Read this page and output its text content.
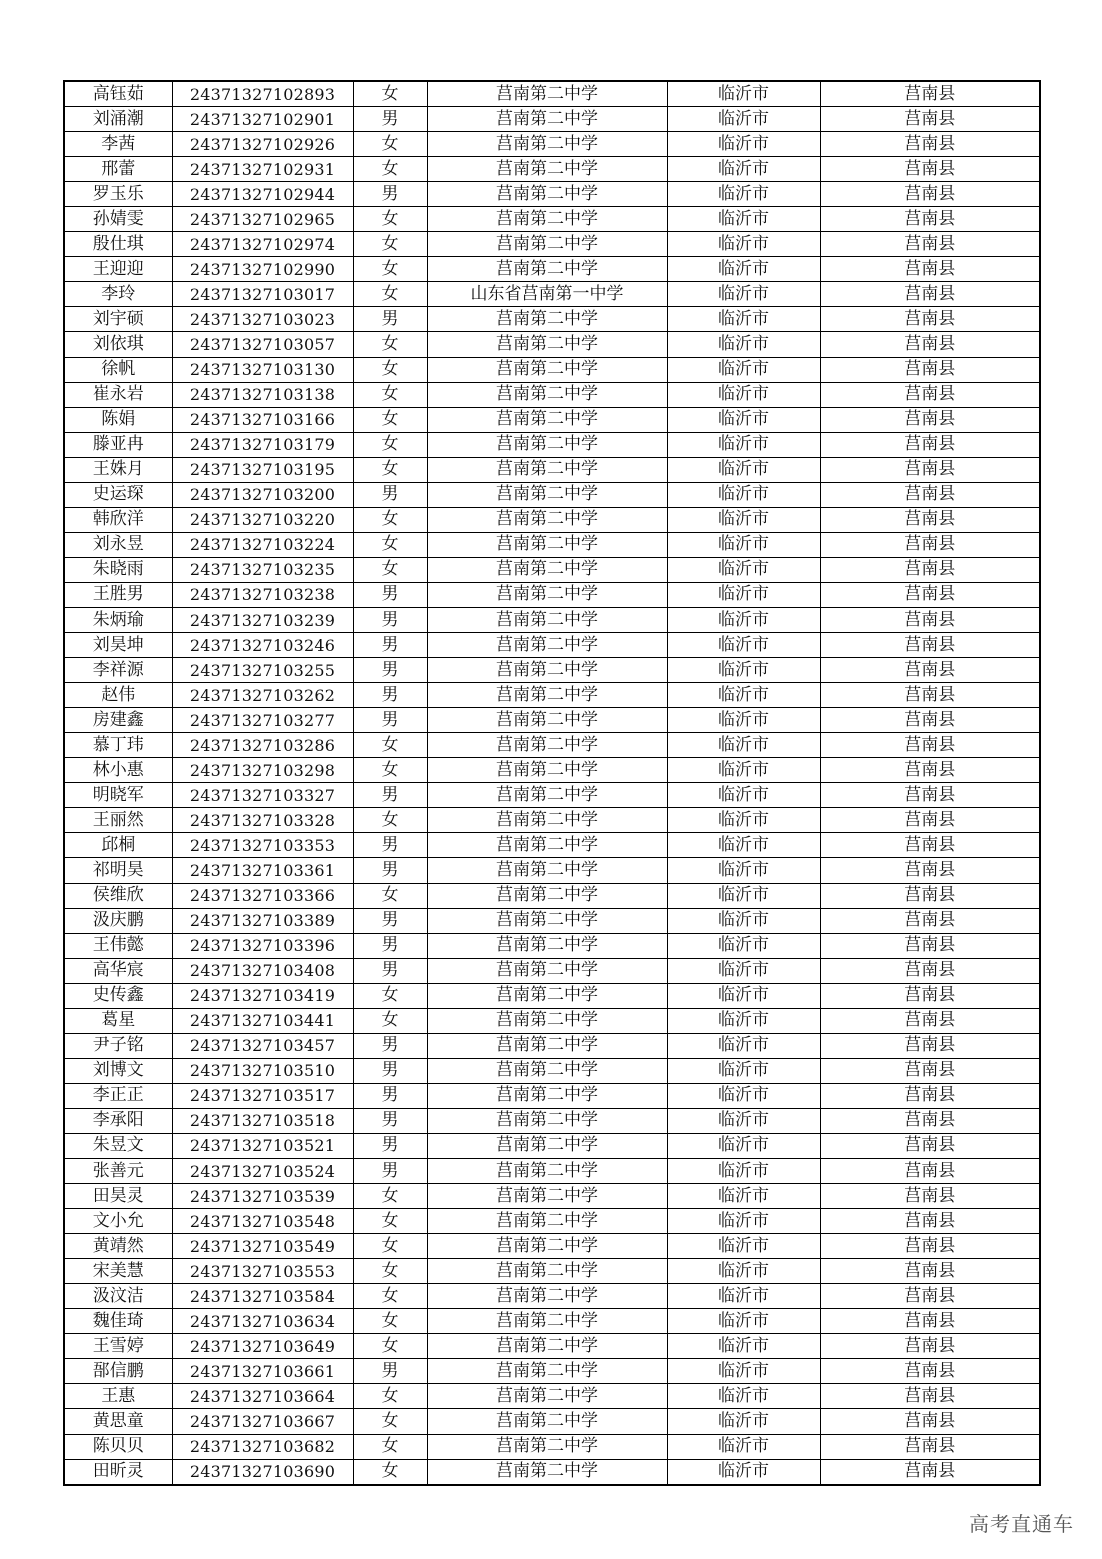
高钰茹	24371327102893	女	莒南第二中学	临沂市	莒南县
刘涌潮	24371327102901	男	莒南第二中学	临沂市	莒南县
李茜	24371327102926	女	莒南第二中学	临沂市	莒南县
邢蕾	24371327102931	女	莒南第二中学	临沂市	莒南县
罗玉乐	24371327102944	男	莒南第二中学	临沂市	莒南县
孙婧雯	24371327102965	女	莒南第二中学	临沂市	莒南县
殷仕琪	24371327102974	女	莒南第二中学	临沂市	莒南县
王迎迎	24371327102990	女	莒南第二中学	临沂市	莒南县
李玲	24371327103017	女	山东省莒南第一中学	临沂市	莒南县
刘宇硕	24371327103023	男	莒南第二中学	临沂市	莒南县
刘依琪	24371327103057	女	莒南第二中学	临沂市	莒南县
徐帆	24371327103130	女	莒南第二中学	临沂市	莒南县
崔永岩	24371327103138	女	莒南第二中学	临沂市	莒南县
陈娟	24371327103166	女	莒南第二中学	临沂市	莒南县
滕亚冉	24371327103179	女	莒南第二中学	临沂市	莒南县
王姝月	24371327103195	女	莒南第二中学	临沂市	莒南县
史运琛	24371327103200	男	莒南第二中学	临沂市	莒南县
韩欣洋	24371327103220	女	莒南第二中学	临沂市	莒南县
刘永昱	24371327103224	女	莒南第二中学	临沂市	莒南县
朱晓雨	24371327103235	女	莒南第二中学	临沂市	莒南县
王胜男	24371327103238	男	莒南第二中学	临沂市	莒南县
朱炳瑜	24371327103239	男	莒南第二中学	临沂市	莒南县
刘昊坤	24371327103246	男	莒南第二中学	临沂市	莒南县
李祥源	24371327103255	男	莒南第二中学	临沂市	莒南县
赵伟	24371327103262	男	莒南第二中学	临沂市	莒南县
房建鑫	24371327103277	男	莒南第二中学	临沂市	莒南县
慕丁玮	24371327103286	女	莒南第二中学	临沂市	莒南县
林小惠	24371327103298	女	莒南第二中学	临沂市	莒南县
明晓军	24371327103327	男	莒南第二中学	临沂市	莒南县
王丽然	24371327103328	女	莒南第二中学	临沂市	莒南县
邱桐	24371327103353	男	莒南第二中学	临沂市	莒南县
祁明昊	24371327103361	男	莒南第二中学	临沂市	莒南县
侯维欣	24371327103366	女	莒南第二中学	临沂市	莒南县
汲庆鹏	24371327103389	男	莒南第二中学	临沂市	莒南县
王伟懿	24371327103396	男	莒南第二中学	临沂市	莒南县
高华宸	24371327103408	男	莒南第二中学	临沂市	莒南县
史传鑫	24371327103419	女	莒南第二中学	临沂市	莒南县
葛星	24371327103441	女	莒南第二中学	临沂市	莒南县
尹子铭	24371327103457	男	莒南第二中学	临沂市	莒南县
刘博文	24371327103510	男	莒南第二中学	临沂市	莒南县
李正正	24371327103517	男	莒南第二中学	临沂市	莒南县
李承阳	24371327103518	男	莒南第二中学	临沂市	莒南县
朱昱文	24371327103521	男	莒南第二中学	临沂市	莒南县
张善元	24371327103524	男	莒南第二中学	临沂市	莒南县
田昊灵	24371327103539	女	莒南第二中学	临沂市	莒南县
文小允	24371327103548	女	莒南第二中学	临沂市	莒南县
黄靖然	24371327103549	女	莒南第二中学	临沂市	莒南县
宋美慧	24371327103553	女	莒南第二中学	临沂市	莒南县
汲汶洁	24371327103584	女	莒南第二中学	临沂市	莒南县
魏佳琦	24371327103634	女	莒南第二中学	临沂市	莒南县
王雪婷	24371327103649	女	莒南第二中学	临沂市	莒南县
郚信鹏	24371327103661	男	莒南第二中学	临沂市	莒南县
王惠	24371327103664	女	莒南第二中学	临沂市	莒南县
黄思童	24371327103667	女	莒南第二中学	临沂市	莒南县
陈贝贝	24371327103682	女	莒南第二中学	临沂市	莒南县
田昕灵	24371327103690	女	莒南第二中学	临沂市	莒南县
高考直通车
